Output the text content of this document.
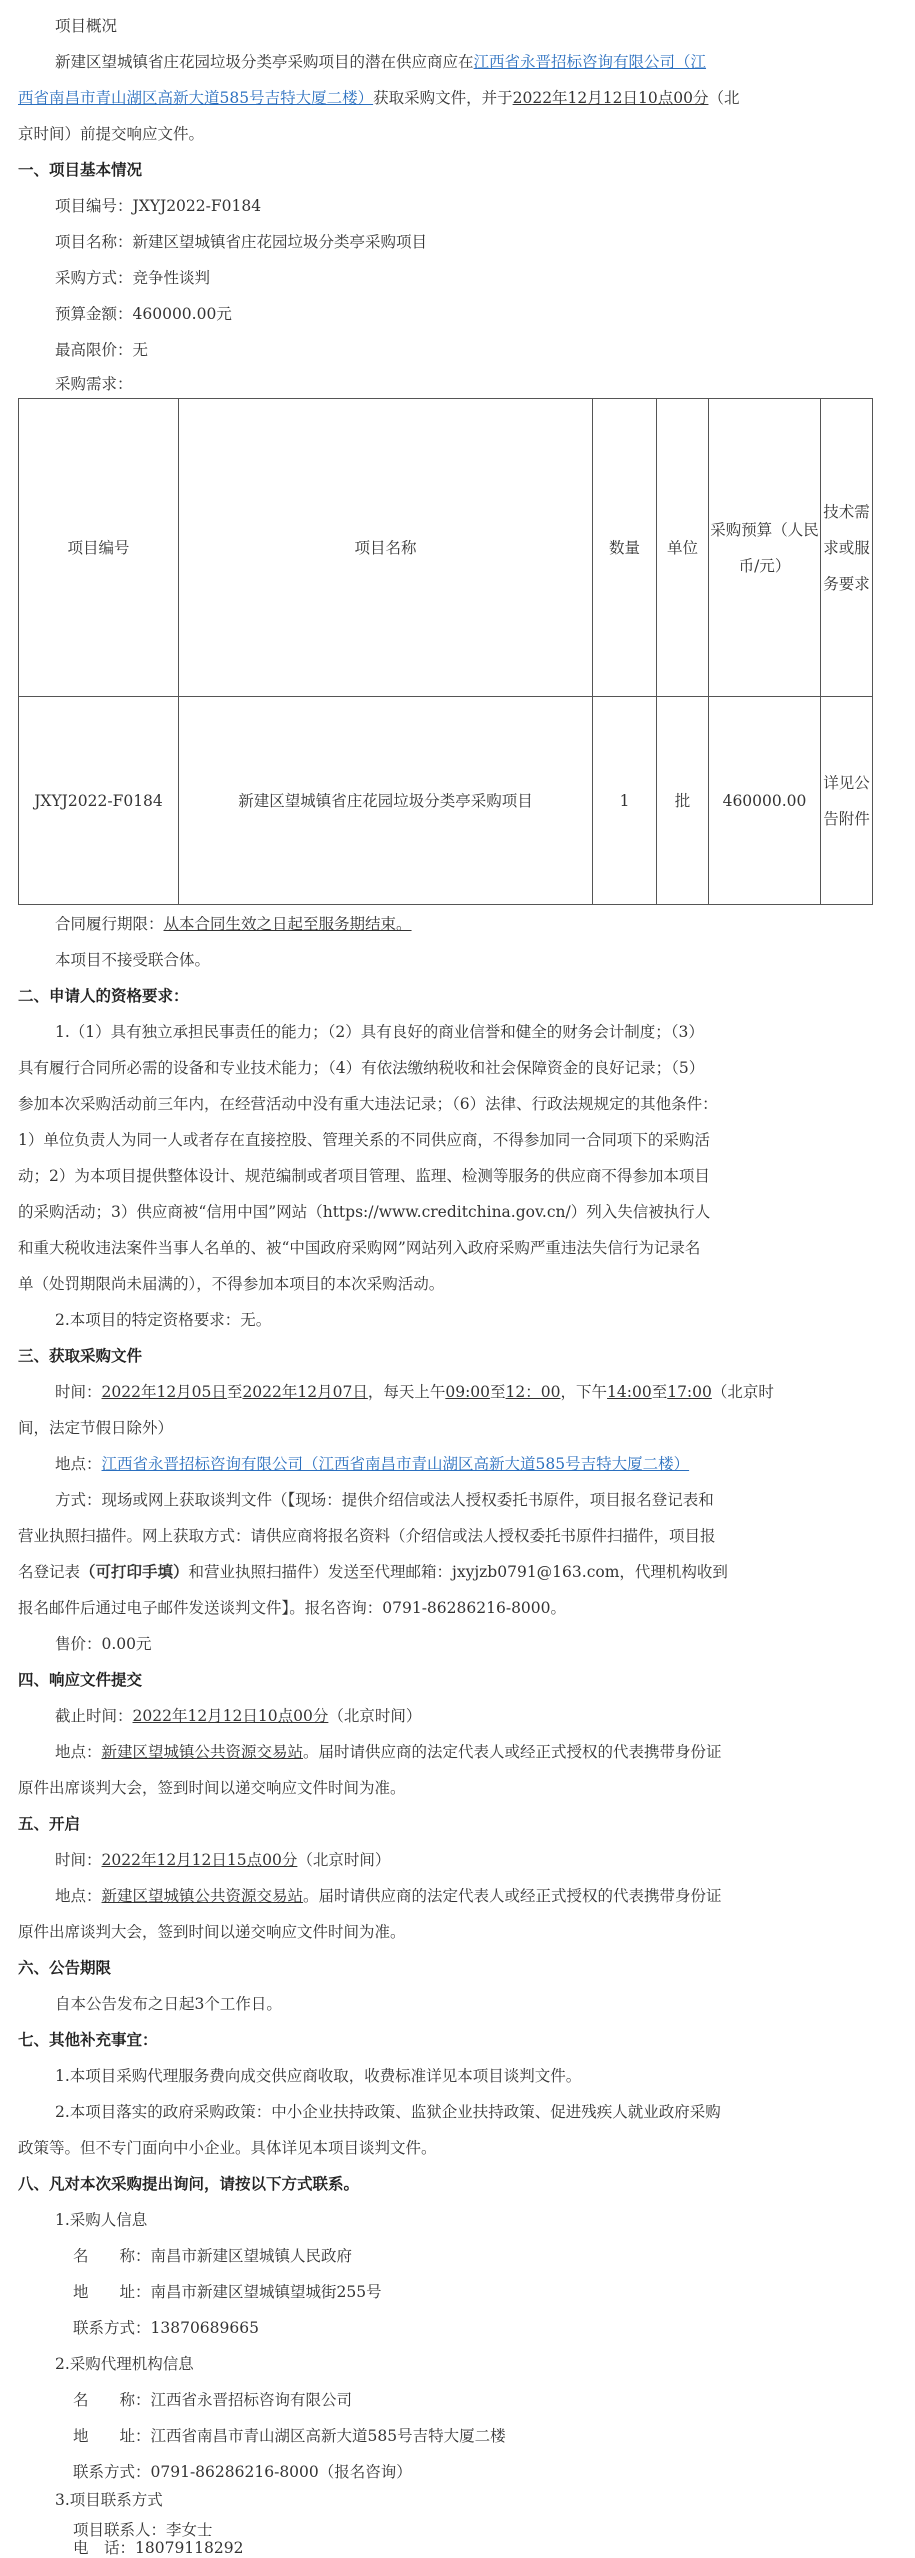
项目概况

新建区望城镇省庄花园垃圾分类亭采购项目的潜在供应商应在江西省永晋招标咨询有限公司（江

西省南昌市青山湖区高新大道585号吉特大厦二楼）获取采购文件，并于2022年12月12日10点00分（北

京时间）前提交响应文件。

一、项目基本情况

项目编号：JXYJ2022-F0184

项目名称：新建区望城镇省庄花园垃圾分类亭采购项目

采购方式：竞争性谈判

预算金额：460000.00元

最高限价：无

采购需求：

项目编号	项目名称	数量	单位	采购预算（人民币/元）	技术需求或服务要求
JXYJ2022-F0184	新建区望城镇省庄花园垃圾分类亭采购项目	1	批	460000.00	详见公告附件

合同履行期限：从本合同生效之日起至服务期结束。

本项目不接受联合体。

二、申请人的资格要求：

1.（1）具有独立承担民事责任的能力；（2）具有良好的商业信誉和健全的财务会计制度；（3）

具有履行合同所必需的设备和专业技术能力；（4）有依法缴纳税收和社会保障资金的良好记录；（5）

参加本次采购活动前三年内，在经营活动中没有重大违法记录；（6）法律、行政法规规定的其他条件：

1）单位负责人为同一人或者存在直接控股、管理关系的不同供应商，不得参加同一合同项下的采购活

动；2）为本项目提供整体设计、规范编制或者项目管理、监理、检测等服务的供应商不得参加本项目

的采购活动；3）供应商被“信用中国”网站（https://www.creditchina.gov.cn/）列入失信被执行人

和重大税收违法案件当事人名单的、被“中国政府采购网”网站列入政府采购严重违法失信行为记录名

单（处罚期限尚未届满的），不得参加本项目的本次采购活动。

2.本项目的特定资格要求：无。

三、获取采购文件

时间：2022年12月05日至2022年12月07日，每天上午09:00至12：00，下午14:00至17:00（北京时

间，法定节假日除外）

地点：江西省永晋招标咨询有限公司（江西省南昌市青山湖区高新大道585号吉特大厦二楼）

方式：现场或网上获取谈判文件（【现场：提供介绍信或法人授权委托书原件，项目报名登记表和

营业执照扫描件。网上获取方式：请供应商将报名资料（介绍信或法人授权委托书原件扫描件，项目报

名登记表（可打印手填）和营业执照扫描件）发送至代理邮箱：jxyjzb0791@163.com，代理机构收到

报名邮件后通过电子邮件发送谈判文件】。报名咨询：0791-86286216-8000。

售价：0.00元

四、响应文件提交

截止时间：2022年12月12日10点00分（北京时间）

地点：新建区望城镇公共资源交易站。届时请供应商的法定代表人或经正式授权的代表携带身份证

原件出席谈判大会，签到时间以递交响应文件时间为准。

五、开启

时间：2022年12月12日15点00分（北京时间）

地点：新建区望城镇公共资源交易站。届时请供应商的法定代表人或经正式授权的代表携带身份证

原件出席谈判大会，签到时间以递交响应文件时间为准。

六、公告期限

自本公告发布之日起3个工作日。

七、其他补充事宜：

1.本项目采购代理服务费向成交供应商收取，收费标准详见本项目谈判文件。

2.本项目落实的政府采购政策：中小企业扶持政策、监狱企业扶持政策、促进残疾人就业政府采购

政策等。但不专门面向中小企业。具体详见本项目谈判文件。

八、凡对本次采购提出询问，请按以下方式联系。

1.采购人信息

名　　称：南昌市新建区望城镇人民政府

地　　址：南昌市新建区望城镇望城街255号

联系方式：13870689665

2.采购代理机构信息

名　　称：江西省永晋招标咨询有限公司

地　　址：江西省南昌市青山湖区高新大道585号吉特大厦二楼

联系方式：0791-86286216-8000（报名咨询）

3.项目联系方式

项目联系人：李女士

电　话：18079118292
